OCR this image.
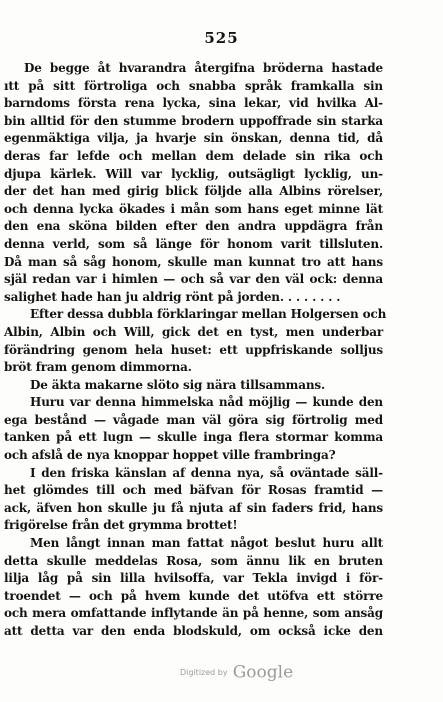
525
De begge åt hvarandra återgifna bröderna hastade
ıtt på sitt förtroliga och snabba språk framkalla sin
barndoms första rena lycka, sina lekar, vid hvilka Al-
bin alltid för den stumme brodern uppoffrade sin starka
egenmäktiga vilja, ja hvarje sin önskan, denna tid, då
deras far lefde och mellan dem delade sin rika och
djupa kärlek. Will var lycklig, outsägligt lycklig, un-
der det han med girig blick följde alla Albins rörelser,
och denna lycka ökades i mån som hans eget minne lät
den ena sköna bilden efter den andra uppdägra från
denna verld, som så länge för honom varit tillsluten.
Då man så såg honom, skulle man kunnat tro att hans
själ redan var i himlen — och så var den väl ock: denna
salighet hade han ju aldrig rönt på jorden. . . . . . . .
Efter dessa dubbla förklaringar mellan Holgersen och
Albin, Albin och Will, gick det en tyst, men underbar
förändring genom hela huset: ett uppfriskande solljus
bröt fram genom dimmorna.
De äkta makarne slöto sig nära tillsammans.
Huru var denna himmelska nåd möjlig — kunde den
ega bestånd — vågade man väl göra sig förtrolig med
tanken på ett lugn — skulle inga flera stormar komma
och afslå de nya knoppar hoppet ville frambringa?
I den friska känslan af denna nya, så oväntade säll-
het glömdes till och med bäfvan för Rosas framtid —
ack, äfven hon skulle ju få njuta af sin faders frid, hans
frigörelse från det grymma brottet!
Men långt innan man fattat något beslut huru allt
detta skulle meddelas Rosa, som ännu lik en bruten
lilja låg på sin lilla hvilsoffa, var Tekla invigd i för-
troendet — och på hvem kunde det utöfva ett större
och mera omfattande inflytande än på henne, som ansåg
att detta var den enda blodskuld, om också icke den
Digitized by Google
